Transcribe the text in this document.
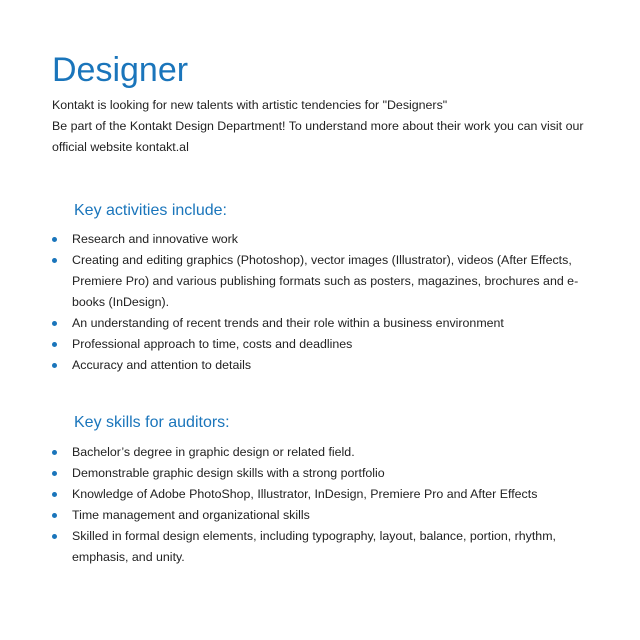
Designer

Kontakt is looking for new talents with artistic tendencies for "Designers"

Be part of the Kontakt Design Department! To understand more about their work you can visit our official website kontakt.al

Key activities include:
Research and innovative work
Creating and editing graphics (Photoshop), vector images (Illustrator), videos (After Effects, Premiere Pro) and various publishing formats such as posters, magazines, brochures and e-books (InDesign).
An understanding of recent trends and their role within a business environment
Professional approach to time, costs and deadlines
Accuracy and attention to details
Key skills for auditors:
Bachelor’s degree in graphic design or related field.
Demonstrable graphic design skills with a strong portfolio
Knowledge of Adobe PhotoShop, Illustrator, InDesign, Premiere Pro and After Effects
Time management and organizational skills
Skilled in formal design elements, including typography, layout, balance, portion, rhythm, emphasis, and unity.
